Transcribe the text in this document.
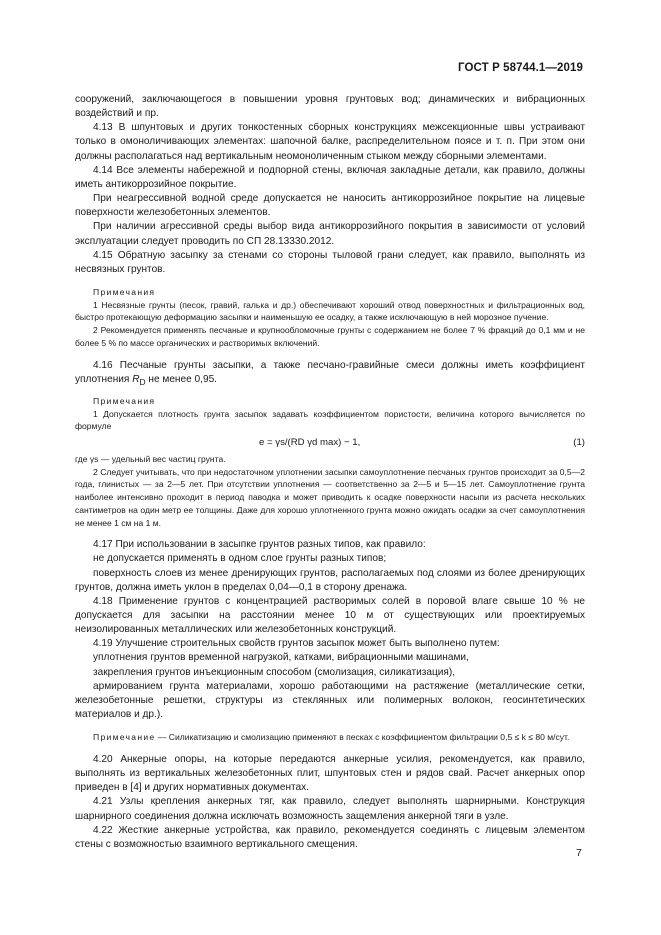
ГОСТ Р 58744.1—2019

сооружений, заключающегося в повышении уровня грунтовых вод; динамических и вибрационных воздействий и пр.

4.13 В шпунтовых и других тонкостенных сборных конструкциях межсекционные швы устраивают только в омоноличивающих элементах: шапочной балке, распределительном поясе и т. п. При этом они должны располагаться над вертикальным неомоноличенным стыком между сборными элементами.

4.14 Все элементы набережной и подпорной стены, включая закладные детали, как правило, должны иметь антикоррозийное покрытие.

При неагрессивной водной среде допускается не наносить антикоррозийное покрытие на лицевые поверхности железобетонных элементов.

При наличии агрессивной среды выбор вида антикоррозийного покрытия в зависимости от условий эксплуатации следует проводить по СП 28.13330.2012.

4.15 Обратную засыпку за стенами со стороны тыловой грани следует, как правило, выполнять из несвязных грунтов.

Примечания

1 Несвязные грунты (песок, гравий, галька и др.) обеспечивают хороший отвод поверхностных и фильтрационных вод, быстро протекающую деформацию засыпки и наименьшую ее осадку, а также исключающую в ней морозное пучение.

2 Рекомендуется применять песчаные и крупнообломочные грунты с содержанием не более 7 % фракций до 0,1 мм и не более 5 % по массе органических и растворимых включений.

4.16 Песчаные грунты засыпки, а также песчано-гравийные смеси должны иметь коэффициент уплотнения $R_D$ не менее 0,95.

Примечания

1 Допускается плотность грунта засыпок задавать коэффициентом пористости, величина которого вычисляется по формуле

e = γs/(RD γd max) − 1,	(1)

где γs — удельный вес частиц грунта.

2 Следует учитывать, что при недостаточном уплотнении засыпки самоуплотнение песчаных грунтов происходит за 0,5—2 года, глинистых — за 2—5 лет. При отсутствии уплотнения — соответственно за 2—5 и 5—15 лет. Самоуплотнение грунта наиболее интенсивно проходит в период паводка и может приводить к осадке поверхности насыпи из расчета нескольких сантиметров на один метр ее толщины. Даже для хорошо уплотненного грунта можно ожидать осадки за счет самоуплотнения не менее 1 см на 1 м.

4.17 При использовании в засыпке грунтов разных типов, как правило:

не допускается применять в одном слое грунты разных типов;

поверхность слоев из менее дренирующих грунтов, располагаемых под слоями из более дренирующих грунтов, должна иметь уклон в пределах 0,04—0,1 в сторону дренажа.

4.18 Применение грунтов с концентрацией растворимых солей в поровой влаге свыше 10 % не допускается для засыпки на расстоянии менее 10 м от существующих или проектируемых неизолированных металлических или железобетонных конструкций.

4.19 Улучшение строительных свойств грунтов засыпок может быть выполнено путем:

уплотнения грунтов временной нагрузкой, катками, вибрационными машинами,

закрепления грунтов инъекционным способом (смолизация, силикатизация),

армированием грунта материалами, хорошо работающими на растяжение (металлические сетки, железобетонные решетки, структуры из стеклянных или полимерных волокон, геосинтетических материалов и др.).

Примечание — Силикатизацию и смолизацию применяют в песках с коэффициентом фильтрации 0,5 ≤ k ≤ 80 м/сут.

4.20 Анкерные опоры, на которые передаются анкерные усилия, рекомендуется, как правило, выполнять из вертикальных железобетонных плит, шпунтовых стен и рядов свай. Расчет анкерных опор приведен в [4] и других нормативных документах.

4.21 Узлы крепления анкерных тяг, как правило, следует выполнять шарнирными. Конструкция шарнирного соединения должна исключать возможность защемления анкерной тяги в узле.

4.22 Жесткие анкерные устройства, как правило, рекомендуется соединять с лицевым элементом стены с возможностью взаимного вертикального смещения.

7
